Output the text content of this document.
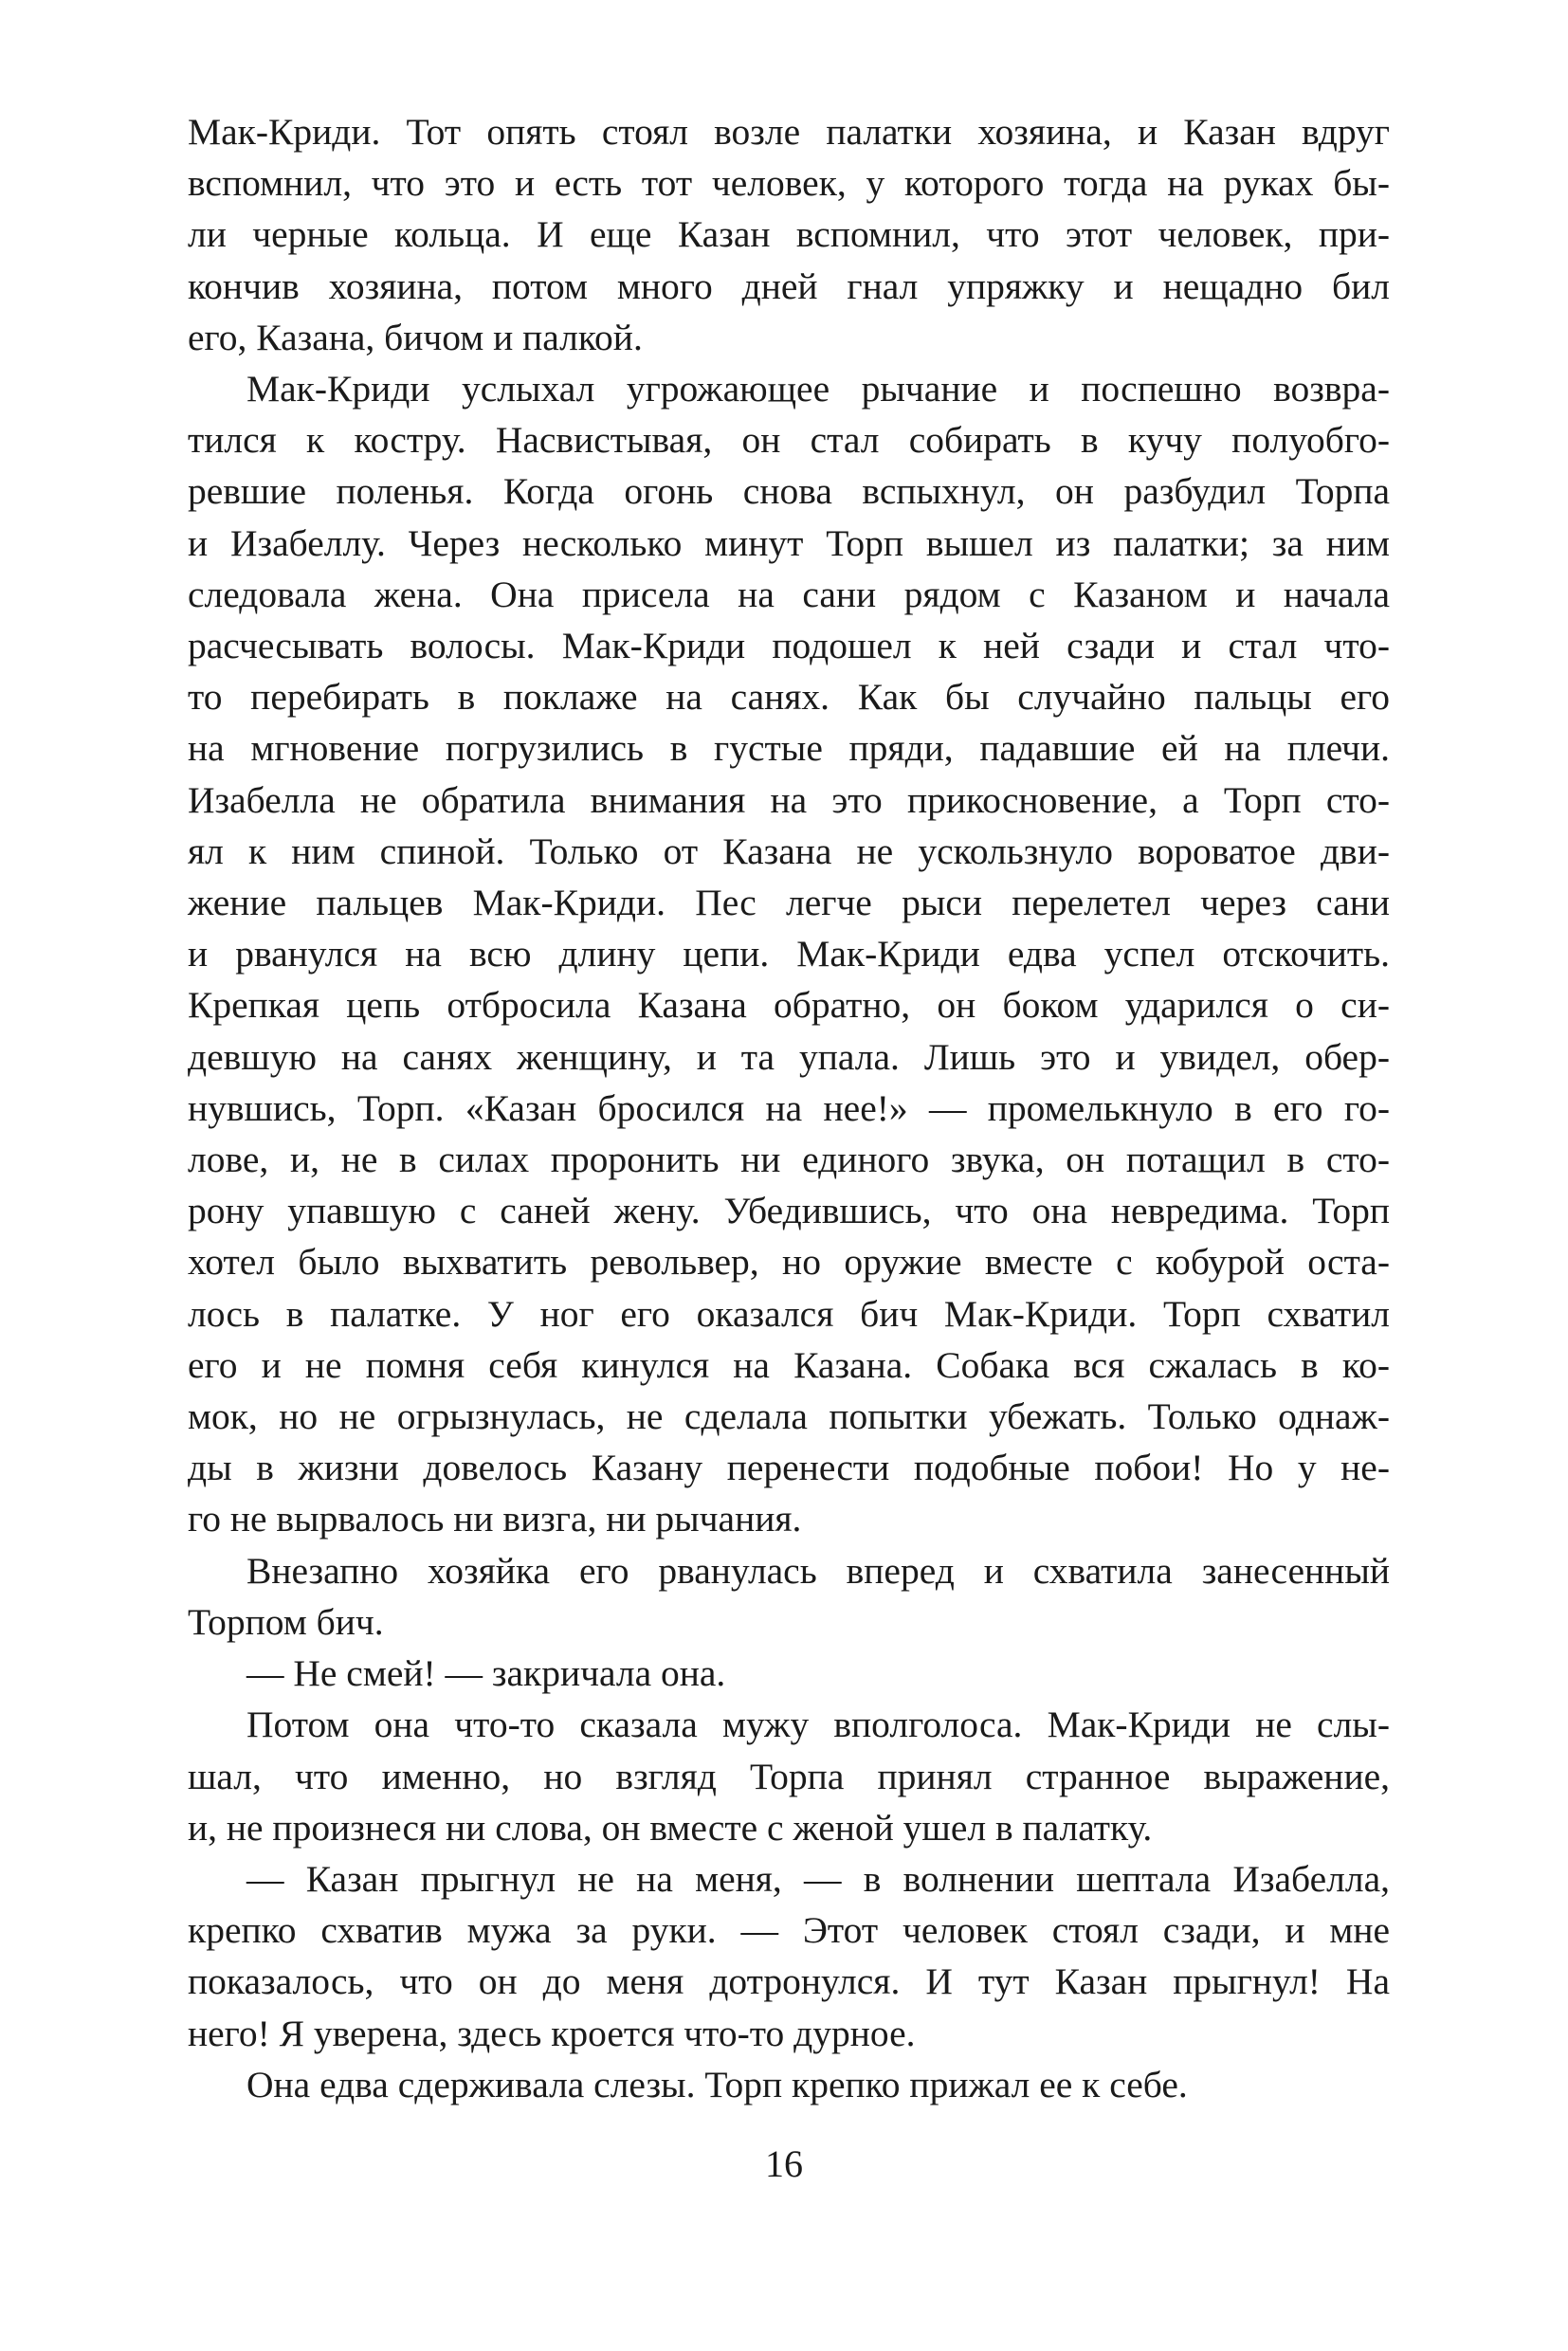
Мак-Криди. Тот опять стоял возле палатки хозяина, и Казан вдруг
вспомнил, что это и есть тот человек, у которого тогда на руках бы-
ли черные кольца. И еще Казан вспомнил, что этот человек, при-
кончив хозяина, потом много дней гнал упряжку и нещадно бил
его, Казана, бичом и палкой.
Мак-Криди услыхал угрожающее рычание и поспешно возвра-
тился к костру. Насвистывая, он стал собирать в кучу полуобго-
ревшие поленья. Когда огонь снова вспыхнул, он разбудил Торпа
и Изабеллу. Через несколько минут Торп вышел из палатки; за ним
следовала жена. Она присела на сани рядом с Казаном и начала
расчесывать волосы. Мак-Криди подошел к ней сзади и стал что-
то перебирать в поклаже на санях. Как бы случайно пальцы его
на мгновение погрузились в густые пряди, падавшие ей на плечи.
Изабелла не обратила внимания на это прикосновение, а Торп сто-
ял к ним спиной. Только от Казана не ускользнуло вороватое дви-
жение пальцев Мак-Криди. Пес легче рыси перелетел через сани
и рванулся на всю длину цепи. Мак-Криди едва успел отскочить.
Крепкая цепь отбросила Казана обратно, он боком ударился о си-
девшую на санях женщину, и та упала. Лишь это и увидел, обер-
нувшись, Торп. «Казан бросился на нее!» — промелькнуло в его го-
лове, и, не в силах проронить ни единого звука, он потащил в сто-
рону упавшую с саней жену. Убедившись, что она невредима. Торп
хотел было выхватить револьвер, но оружие вместе с кобурой оста-
лось в палатке. У ног его оказался бич Мак-Криди. Торп схватил
его и не помня себя кинулся на Казана. Собака вся сжалась в ко-
мок, но не огрызнулась, не сделала попытки убежать. Только однаж-
ды в жизни довелось Казану перенести подобные побои! Но у не-
го не вырвалось ни визга, ни рычания.
Внезапно хозяйка его рванулась вперед и схватила занесенный
Торпом бич.
— Не смей! — закричала она.
Потом она что-то сказала мужу вполголоса. Мак-Криди не слы-
шал, что именно, но взгляд Торпа принял странное выражение,
и, не произнеся ни слова, он вместе с женой ушел в палатку.
— Казан прыгнул не на меня, — в волнении шептала Изабелла,
крепко схватив мужа за руки. — Этот человек стоял сзади, и мне
показалось, что он до меня дотронулся. И тут Казан прыгнул! На
него! Я уверена, здесь кроется что-то дурное.
Она едва сдерживала слезы. Торп крепко прижал ее к себе.
16
